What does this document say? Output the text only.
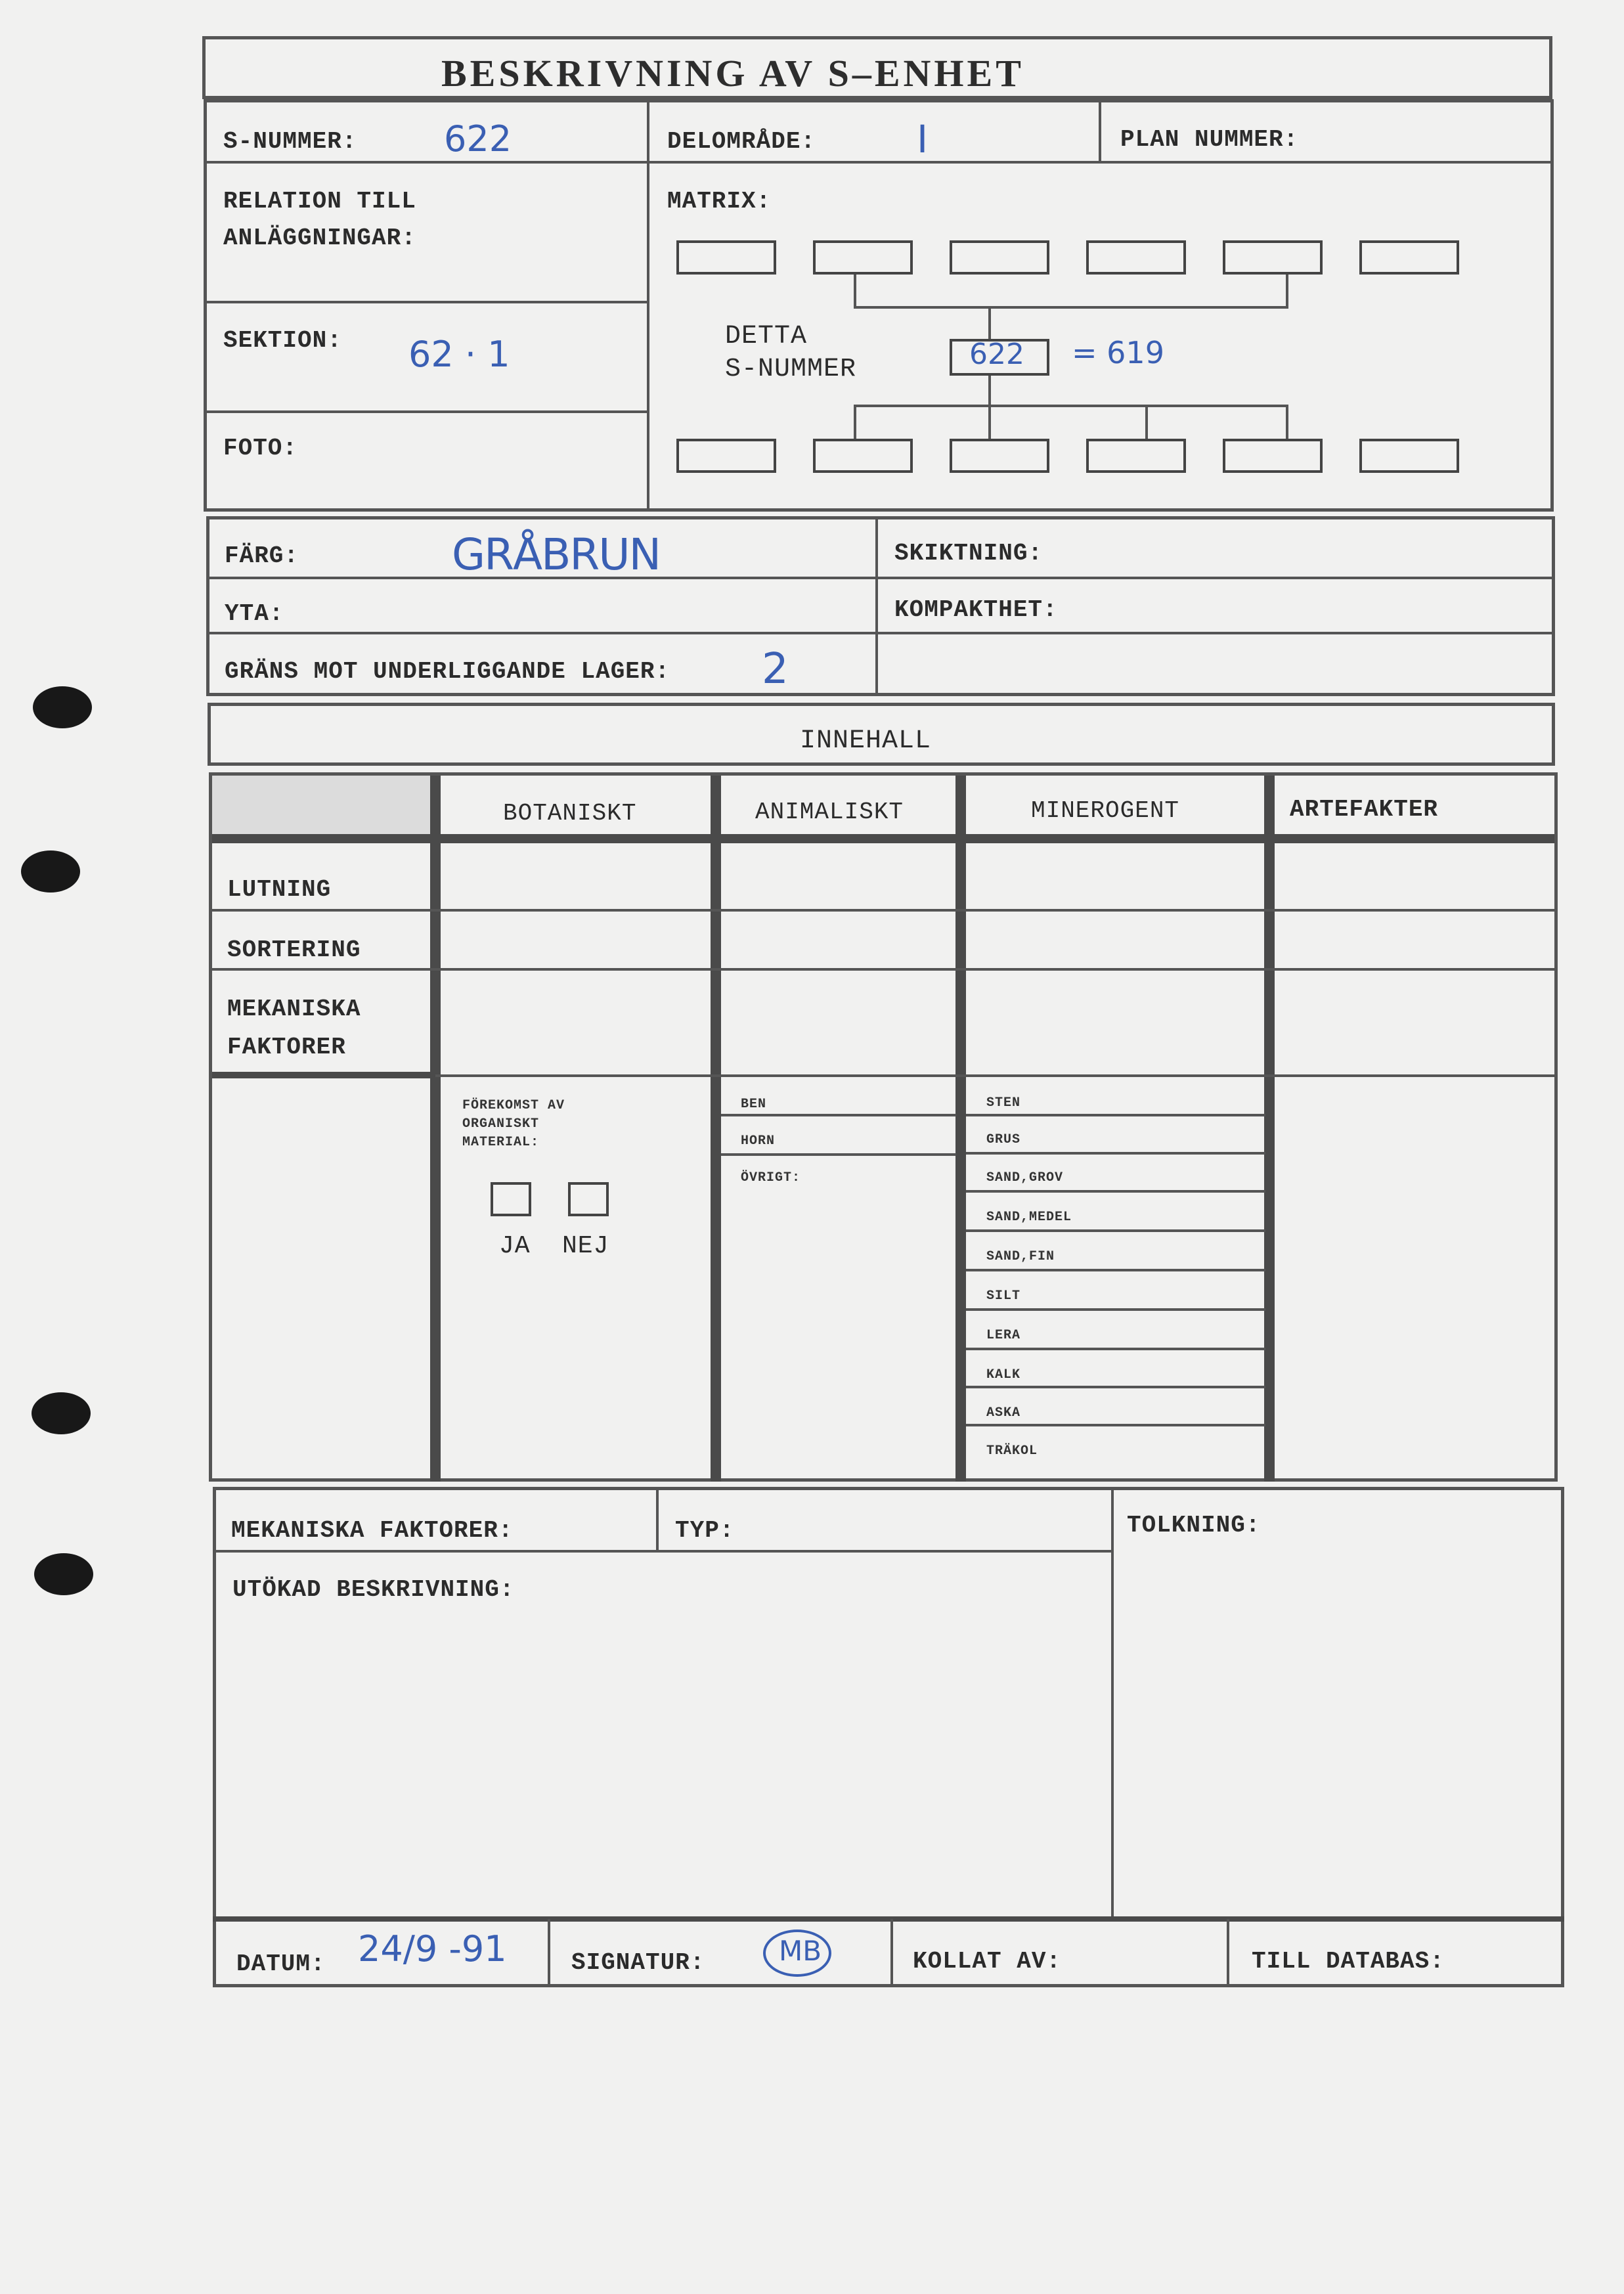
BESKRIVNING AV S–ENHET
S-NUMMER: 622	DELOMRÅDE:	I	PLAN NUMMER:
RELATION TILL
ANLÄGGNINGAR:
SEKTION: 62 · 1
FOTO:
MATRIX:
622 = 619
DETTA
S-NUMMER
FÄRG:	GRÅBRUN
YTA:
GRÄNS MOT UNDERLIGGANDE LAGER: 2
SKIKTNING:
KOMPAKTHET:
INNEHALL
BOTANISKT	ANIMALISKT	MINEROGENT	ARTEFAKTER
LUTNING
SORTERING
MEKANISKA
FAKTORER
FÖREKOMST AV
ORGANISKT
MATERIAL:
JA NEJ
BEN
HORN
ÖVRIGT:
STEN
GRUS
SAND,GROV
SAND,MEDEL
SAND,FIN
SILT
LERA
KALK
ASKA
TRÄKOL
MEKANISKA FAKTORER:	TYP:	TOLKNING:
UTÖKAD BESKRIVNING:
DATUM: 24/9 -91	SIGNATUR:	MB	KOLLAT AV:	TILL DATABAS:
